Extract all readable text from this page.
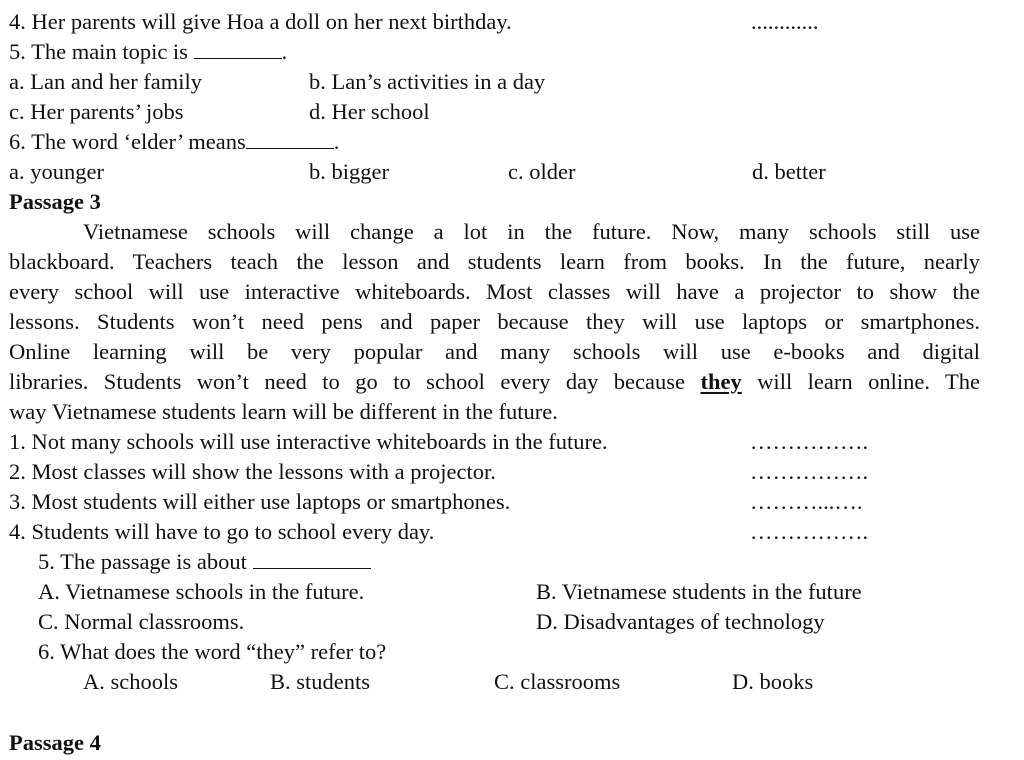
4. Her parents will give Hoa a doll on her next birthday.	............
5. The main topic is	.
a. Lan and her family	b. Lan’s activities in a day
c. Her parents’ jobs	d. Her school
6. The word ‘elder’ means	.
a. younger	b. bigger	c. older	d. better
Passage 3
Vietnamese schools will change a lot in the future. Now, many schools still use
blackboard. Teachers teach the lesson and students learn from books. In the future, nearly
every school will use interactive whiteboards. Most classes will have a projector to show the
lessons. Students won’t need pens and paper because they will use laptops or smartphones.
Online learning will be very popular and many schools will use e-books and digital
libraries. Students won’t need to go to school every day because they will learn online. The
way Vietnamese students learn will be different in the future.
1. Not many schools will use interactive whiteboards in the future.	…………….
2. Most classes will show the lessons with a projector.	…………….
3. Most students will either use laptops or smartphones.	………...….
4. Students will have to go to school every day.	…………….
5. The passage is about
A. Vietnamese schools in the future.	B. Vietnamese students in the future
C. Normal classrooms.	D. Disadvantages of technology
6. What does the word “they” refer to?
A. schools	B. students	C. classrooms	D. books
Passage 4
